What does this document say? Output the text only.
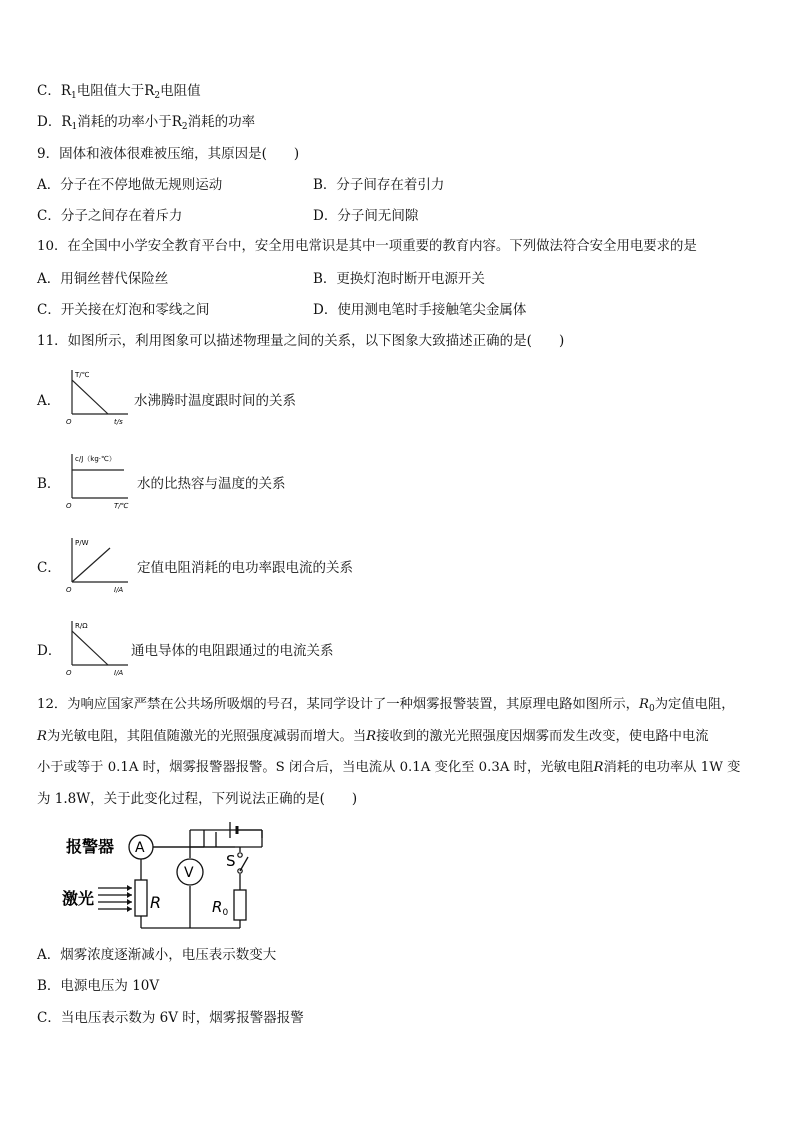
C．$R_1$电阻值大于$R_2$电阻值
D．$R_1$消耗的功率小于$R_2$消耗的功率
9．固体和液体很难被压缩，其原因是(　　)
A．分子在不停地做无规则运动	B．分子间存在着引力
C．分子之间存在着斥力	D．分子间无间隙
10．在全国中小学安全教育平台中，安全用电常识是其中一项重要的教育内容。下列做法符合安全用电要求的是
A．用铜丝替代保险丝	B．更换灯泡时断开电源开关
C．开关接在灯泡和零线之间	D．使用测电笔时手接触笔尖金属体
11．如图所示，利用图象可以描述物理量之间的关系，以下图象大致描述正确的是(　　)
A．
T/℃
t/s
O
水沸腾时温度跟时间的关系
B．
c/J（kg·℃）
T/℃
O
水的比热容与温度的关系
C．
P/W
I/A
O
定值电阻消耗的电功率跟电流的关系
D．
R/Ω
I/A
O
通电导体的电阻跟通过的电流关系
12．为响应国家严禁在公共场所吸烟的号召，某同学设计了一种烟雾报警装置，其原理电路如图所示，$R_0$为定值电阻，
R为光敏电阻，其阻值随激光的光照强度减弱而增大。当R接收到的激光光照强度因烟雾而发生改变，使电路中电流
小于或等于 0.1A 时，烟雾报警器报警。S 闭合后，当电流从 0.1A 变化至 0.3A 时，光敏电阻R消耗的电功率从 1W 变
为 1.8W，关于此变化过程，下列说法正确的是(　　)
A
V
R
S
$R_0$
报警器
激光
A．烟雾浓度逐渐减小，电压表示数变大
B．电源电压为 10V
C．当电压表示数为 6V 时，烟雾报警器报警
